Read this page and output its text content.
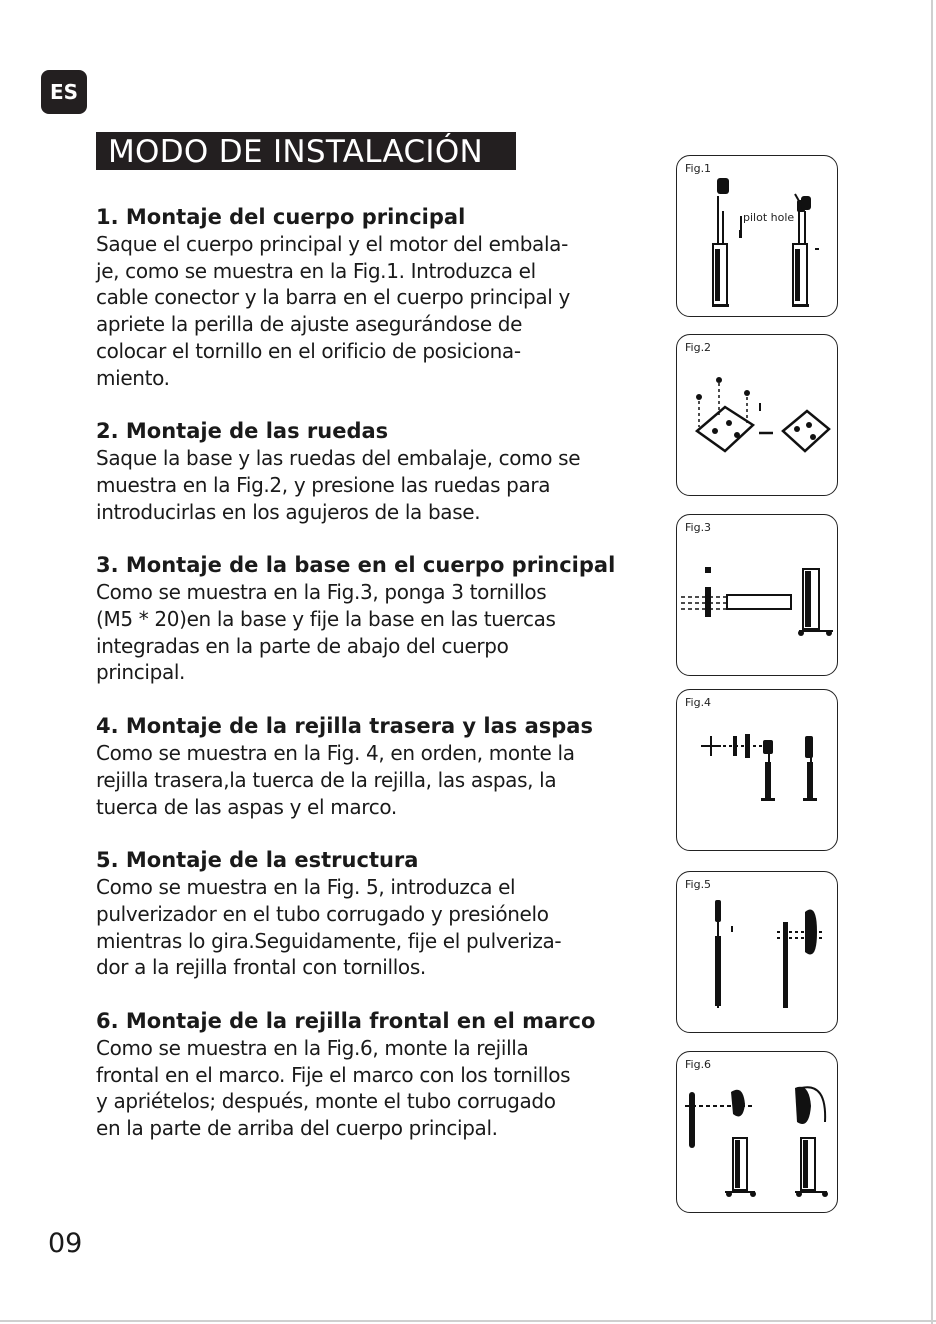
ES
MODO DE INSTALACIÓN
1. Montaje del cuerpo principal

Saque el cuerpo principal y el motor del embala-
je, como se muestra en la Fig.1. Introduzca el
cable conector y la barra en el cuerpo principal y
apriete la perilla de ajuste asegurándose de
colocar el tornillo en el orificio de posiciona-
miento.

2. Montaje de las ruedas

Saque la base y las ruedas del embalaje, como se
muestra en la Fig.2, y presione las ruedas para
introducirlas en los agujeros de la base.

3. Montaje de la base en el cuerpo principal

Como se muestra en la Fig.3, ponga 3 tornillos
(M5 * 20)en la base y fije la base en las tuercas
integradas en la parte de abajo del cuerpo
principal.

4. Montaje de la rejilla trasera y las aspas

Como se muestra en la Fig. 4, en orden, monte la
rejilla trasera,la tuerca de la rejilla, las aspas, la
tuerca de las aspas y el marco.

5. Montaje de la estructura

Como se muestra en la Fig. 5, introduzca el
pulverizador en el tubo corrugado y presiónelo
mientras lo gira.Seguidamente, fije el pulveriza-
dor a la rejilla frontal con tornillos.

6. Montaje de la rejilla frontal en el marco

Como se muestra en la Fig.6, monte la rejilla
frontal en el marco. Fije el marco con los tornillos
y apriételos; después, monte el tubo corrugado
en la parte de arriba del cuerpo principal.

Fig.1
pilot hole
Fig.2
Fig.3
Fig.4
Fig.5
Fig.6
09
